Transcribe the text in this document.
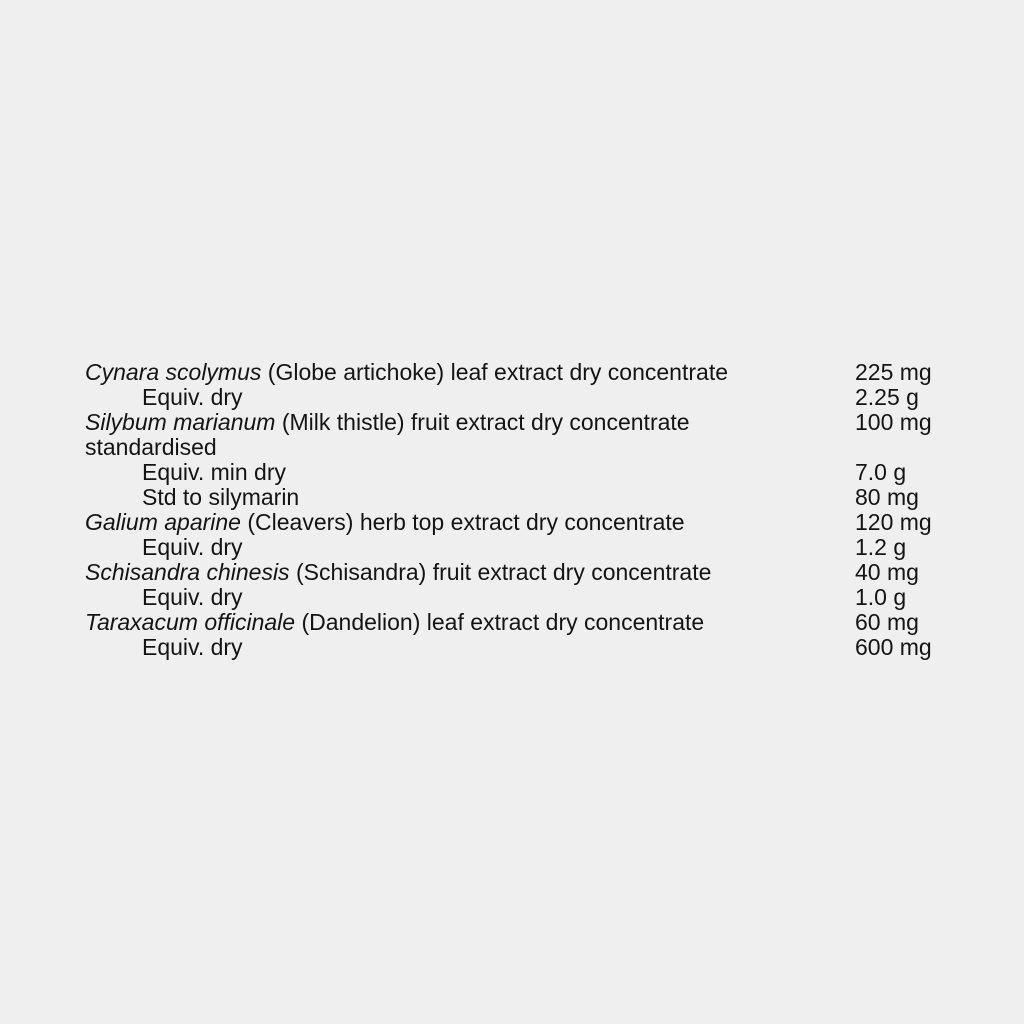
Cynara scolymus (Globe artichoke) leaf extract dry concentrate	225 mg
Equiv. dry	2.25 g
Silybum marianum (Milk thistle) fruit extract dry concentrate	100 mg
standardised
Equiv. min dry	7.0 g
Std to silymarin	80 mg
Galium aparine (Cleavers) herb top extract dry concentrate	120 mg
Equiv. dry	1.2 g
Schisandra chinesis (Schisandra) fruit extract dry concentrate	40 mg
Equiv. dry	1.0 g
Taraxacum officinale (Dandelion) leaf extract dry concentrate	60 mg
Equiv. dry	600 mg
